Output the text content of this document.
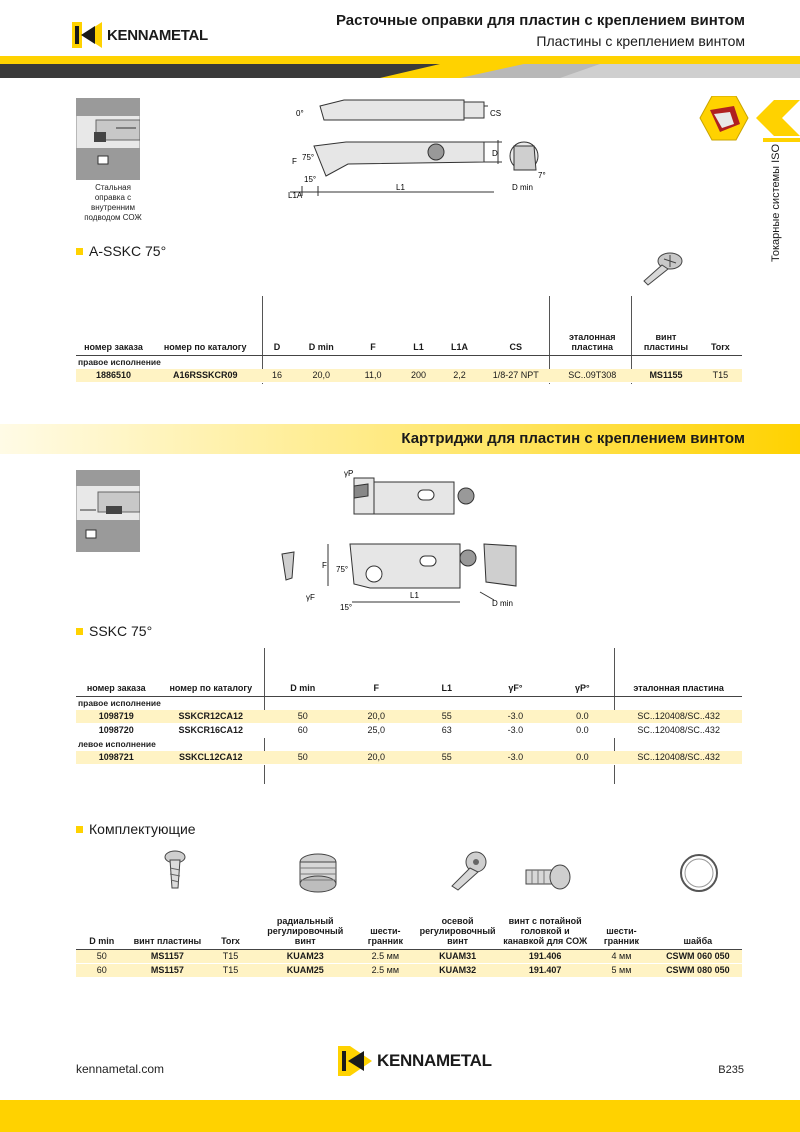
KENNAMETAL
Расточные оправки для пластин с креплением винтом
Пластины с креплением винтом
Токарные системы ISO
Стальная оправка с внутренним подводом СОЖ
0°	CS
F 75°
15°
D
L1A
L1	D min
7°
A-SSKC 75°
номер заказа	номер по каталогу	D	D min	F	L1	L1A	CS	эталонная пластина	винт пластины	Torx
правое исполнение										
1886510	A16RSSKCR09	16	20,0	11,0	200	2,2	1/8-27 NPT	SC..09T308	MS1155	T15
Картриджи для пластин с креплением винтом
γP
F 75°
γF
15°
L1
D min
SSKC 75°
номер заказа	номер по каталогу	D min	F	L1	γF°	γP°	эталонная пластина
правое исполнение							
1098719	SSKCR12CA12	50	20,0	55	-3.0	0.0	SC..120408/SC..432
1098720	SSKCR16CA12	60	25,0	63	-3.0	0.0	SC..120408/SC..432
левое исполнение							
1098721	SSKCL12CA12	50	20,0	55	-3.0	0.0	SC..120408/SC..432
Комплектующие
D min	винт пластины	Torx	радиальный регулировочный винт	шести-гранник	осевой регулировочный винт	винт с потайной головкой и канавкой для СОЖ	шести-гранник	шайба
50	MS1157	T15	KUAM23	2.5 мм	KUAM31	191.406	4 мм	CSWM 060 050
60	MS1157	T15	KUAM25	2.5 мм	KUAM32	191.407	5 мм	CSWM 080 050
kennametal.com	KENNAMETAL	B235
